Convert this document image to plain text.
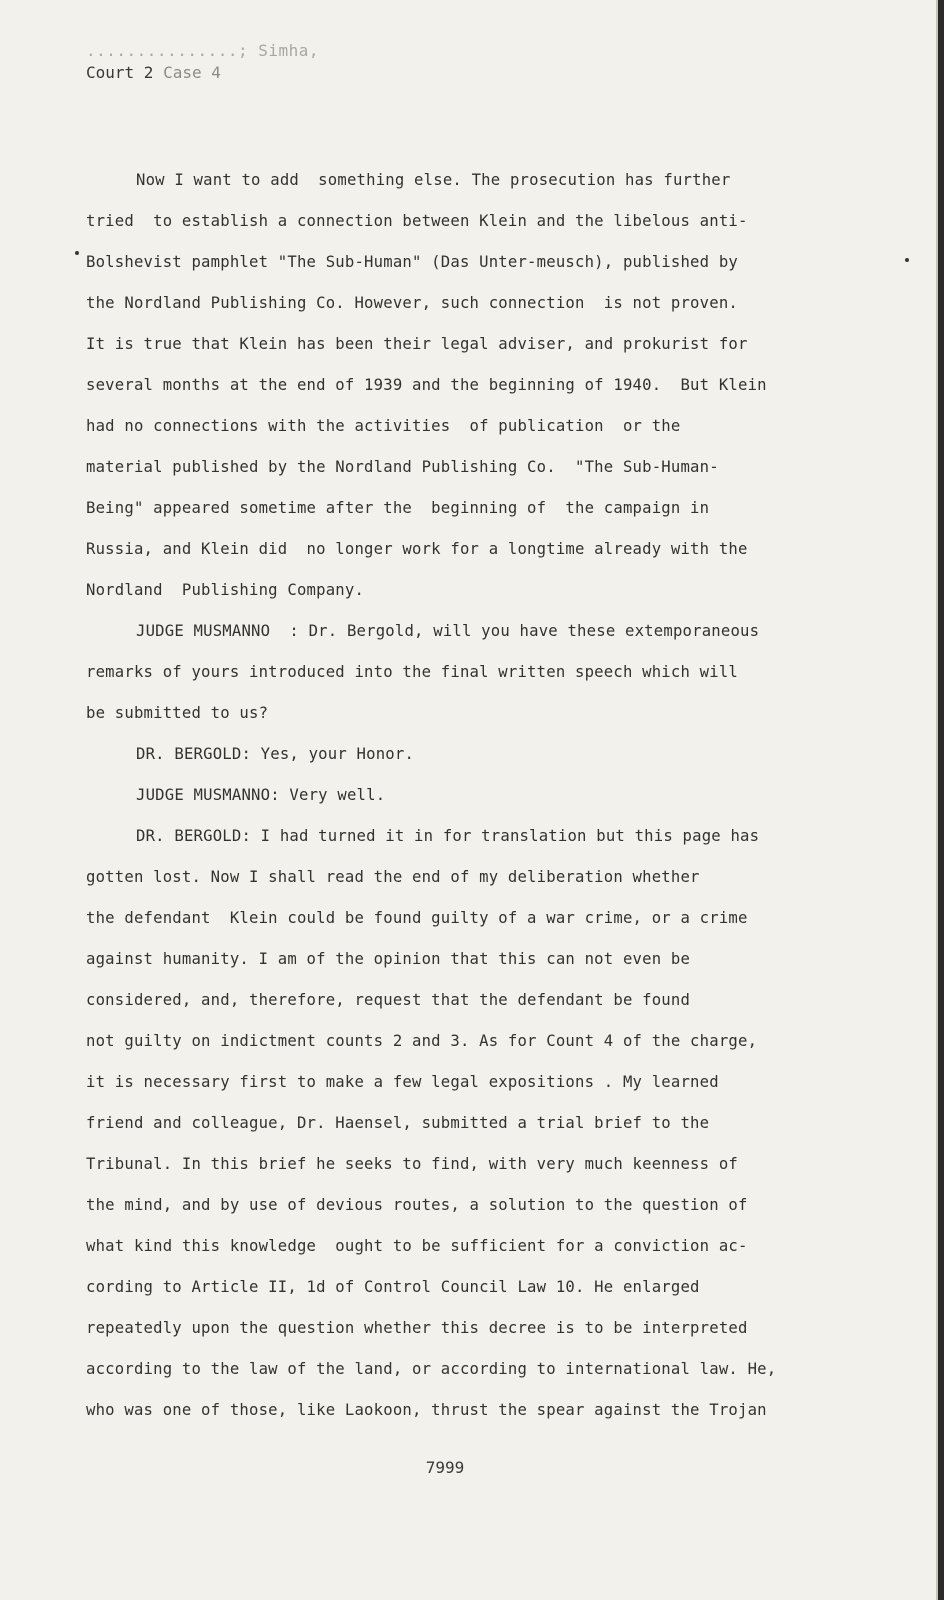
...............; Simha,
Court 2 Case 4

Now I want to add  something else. The prosecution has further

tried  to establish a connection between Klein and the libelous anti-

Bolshevist pamphlet "The Sub-Human" (Das Unter-meusch), published by

the Nordland Publishing Co. However, such connection  is not proven.

It is true that Klein has been their legal adviser, and prokurist for

several months at the end of 1939 and the beginning of 1940.  But Klein

had no connections with the activities  of publication  or the

material published by the Nordland Publishing Co.  "The Sub-Human-

Being" appeared sometime after the  beginning of  the campaign in

Russia, and Klein did  no longer work for a longtime already with the

Nordland  Publishing Company.

JUDGE MUSMANNO  : Dr. Bergold, will you have these extemporaneous

remarks of yours introduced into the final written speech which will

be submitted to us?

DR. BERGOLD: Yes, your Honor.

JUDGE MUSMANNO: Very well.

DR. BERGOLD: I had turned it in for translation but this page has

gotten lost. Now I shall read the end of my deliberation whether

the defendant  Klein could be found guilty of a war crime, or a crime

against humanity. I am of the opinion that this can not even be

considered, and, therefore, request that the defendant be found

not guilty on indictment counts 2 and 3. As for Count 4 of the charge,

it is necessary first to make a few legal expositions . My learned

friend and colleague, Dr. Haensel, submitted a trial brief to the

Tribunal. In this brief he seeks to find, with very much keenness of

the mind, and by use of devious routes, a solution to the question of

what kind this knowledge  ought to be sufficient for a conviction ac-

cording to Article II, 1d of Control Council Law 10. He enlarged

repeatedly upon the question whether this decree is to be interpreted

according to the law of the land, or according to international law. He,

who was one of those, like Laokoon, thrust the spear against the Trojan

7999
